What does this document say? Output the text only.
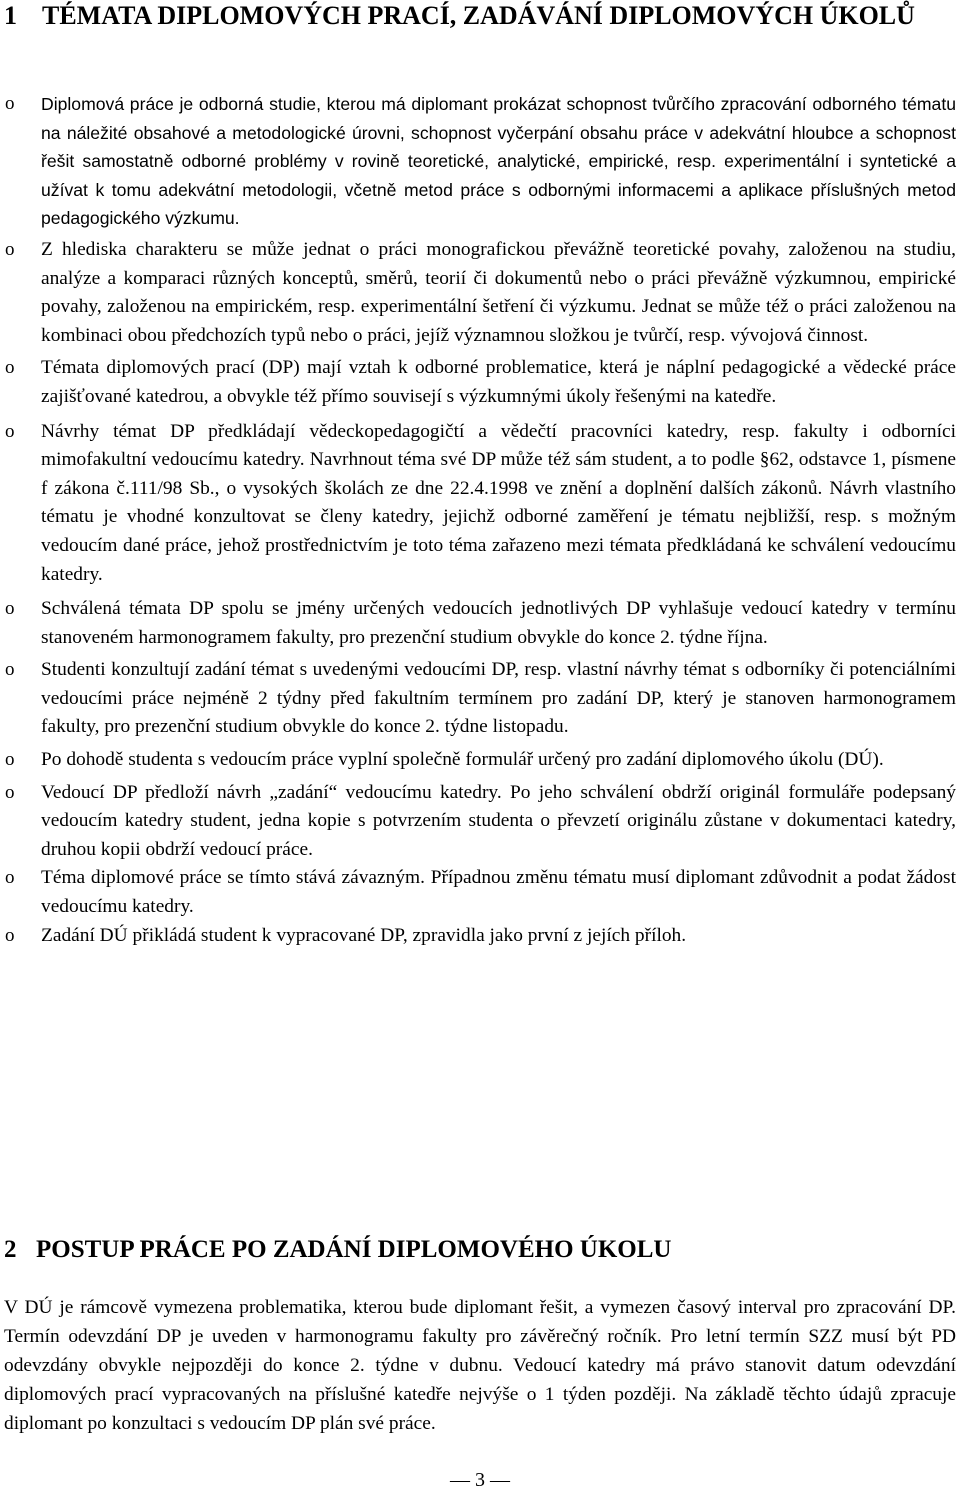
1 TÉMATA DIPLOMOVÝCH PRACÍ, ZADÁVÁNÍ DIPLOMOVÝCH ÚKOLŮ
o Diplomová práce je odborná studie, kterou má diplomant prokázat schopnost tvůrčího zpracování odborného tématu na náležité obsahové a metodologické úrovni, schopnost vyčerpání obsahu práce v adekvátní hloubce a schopnost řešit samostatně odborné problémy v rovině teoretické, analytické, empirické, resp. experimentální i syntetické a užívat k tomu adekvátní metodologii, včetně metod práce s odbornými informacemi a aplikace příslušných metod pedagogického výzkumu.
o Z hlediska charakteru se může jednat o práci monografickou převážně teoretické povahy, založenou na studiu, analýze a komparaci různých konceptů, směrů, teorií či dokumentů nebo o práci převážně výzkumnou, empirické povahy, založenou na empirickém, resp. experimentální šetření či výzkumu. Jednat se může též o práci založenou na kombinaci obou předchozích typů nebo o práci, jejíž významnou složkou je tvůrčí, resp. vývojová činnost.
o Témata diplomových prací (DP) mají vztah k odborné problematice, která je náplní pedagogické a vědecké práce zajišťované katedrou, a obvykle též přímo souvisejí s výzkumnými úkoly řešenými na katedře.
o Návrhy témat DP předkládají vědeckopedagogičtí a vědečtí pracovníci katedry, resp. fakulty i odborníci mimofakultní vedoucímu katedry. Navrhnout téma své DP může též sám student, a to podle §62, odstavce 1, písmene f zákona č.111/98 Sb., o vysokých školách ze dne 22.4.1998 ve znění a doplnění dalších zákonů. Návrh vlastního tématu je vhodné konzultovat se členy katedry, jejichž odborné zaměření je tématu nejbližší, resp. s možným vedoucím dané práce, jehož prostřednictvím je toto téma zařazeno mezi témata předkládaná ke schválení vedoucímu katedry.
o Schválená témata DP spolu se jmény určených vedoucích jednotlivých DP vyhlašuje vedoucí katedry v termínu stanoveném harmonogramem fakulty, pro prezenční studium obvykle do konce 2. týdne října.
o Studenti konzultují zadání témat s uvedenými vedoucími DP, resp. vlastní návrhy témat s odborníky či potenciálními vedoucími práce nejméně 2 týdny před fakultním termínem pro zadání DP, který je stanoven harmonogramem fakulty, pro prezenční studium obvykle do konce 2. týdne listopadu.
o Po dohodě studenta s vedoucím práce vyplní společně formulář určený pro zadání diplomového úkolu (DÚ).
o Vedoucí DP předloží návrh „zadání“ vedoucímu katedry. Po jeho schválení obdrží originál formuláře podepsaný vedoucím katedry student, jedna kopie s potvrzením studenta o převzetí originálu zůstane v dokumentaci katedry, druhou kopii obdrží vedoucí práce.
o Téma diplomové práce se tímto stává závazným. Případnou změnu tématu musí diplomant zdůvodnit a podat žádost vedoucímu katedry.
o Zadání DÚ přikládá student k vypracované DP, zpravidla jako první z jejích příloh.
2 POSTUP PRÁCE PO ZADÁNÍ DIPLOMOVÉHO ÚKOLU

V DÚ je rámcově vymezena problematika, kterou bude diplomant řešit, a vymezen časový interval pro zpracování DP. Termín odevzdání DP je uveden v harmonogramu fakulty pro závěrečný ročník. Pro letní termín SZZ musí být PD odevzdány obvykle nejpozději do konce 2. týdne v dubnu. Vedoucí katedry má právo stanovit datum odevzdání diplomových prací vypracovaných na příslušné katedře nejvýše o 1 týden později. Na základě těchto údajů zpracuje diplomant po konzultaci s vedoucím DP plán své práce.

— 3 —
